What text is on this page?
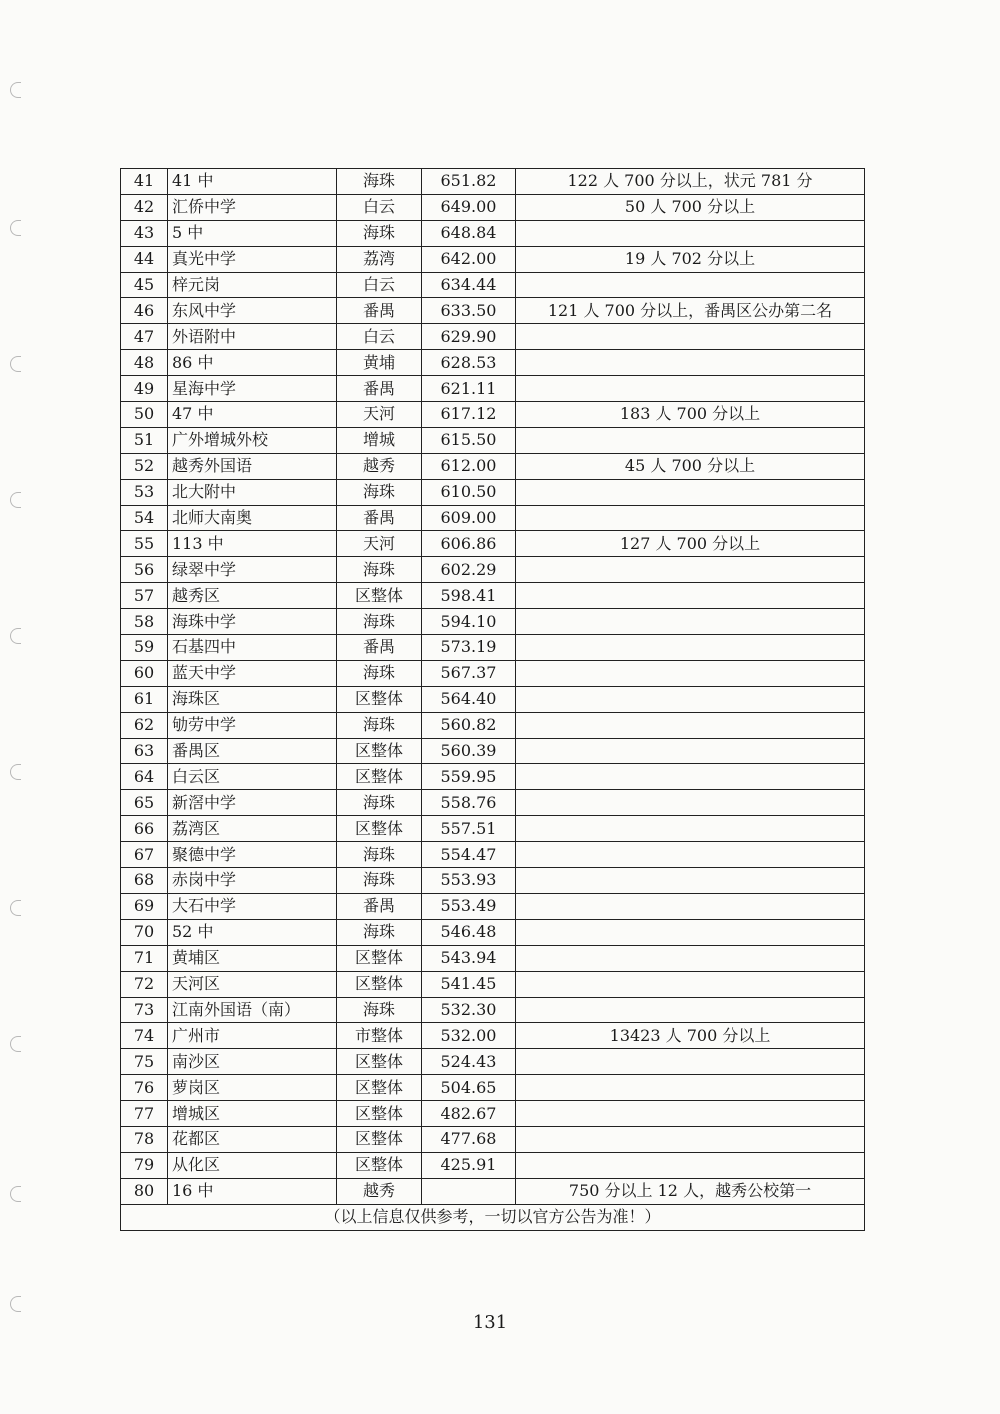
41	41 中	海珠	651.82	122 人 700 分以上，状元 781 分
42	汇侨中学	白云	649.00	50 人 700 分以上
43	5 中	海珠	648.84	
44	真光中学	荔湾	642.00	19 人 702 分以上
45	梓元岗	白云	634.44	
46	东风中学	番禺	633.50	121 人 700 分以上，番禺区公办第二名
47	外语附中	白云	629.90	
48	86 中	黄埔	628.53	
49	星海中学	番禺	621.11	
50	47 中	天河	617.12	183 人 700 分以上
51	广外增城外校	增城	615.50	
52	越秀外国语	越秀	612.00	45 人 700 分以上
53	北大附中	海珠	610.50	
54	北师大南奥	番禺	609.00	
55	113 中	天河	606.86	127 人 700 分以上
56	绿翠中学	海珠	602.29	
57	越秀区	区整体	598.41	
58	海珠中学	海珠	594.10	
59	石基四中	番禺	573.19	
60	蓝天中学	海珠	567.37	
61	海珠区	区整体	564.40	
62	劬劳中学	海珠	560.82	
63	番禺区	区整体	560.39	
64	白云区	区整体	559.95	
65	新滘中学	海珠	558.76	
66	荔湾区	区整体	557.51	
67	聚德中学	海珠	554.47	
68	赤岗中学	海珠	553.93	
69	大石中学	番禺	553.49	
70	52 中	海珠	546.48	
71	黄埔区	区整体	543.94	
72	天河区	区整体	541.45	
73	江南外国语（南）	海珠	532.30	
74	广州市	市整体	532.00	13423 人 700 分以上
75	南沙区	区整体	524.43	
76	萝岗区	区整体	504.65	
77	增城区	区整体	482.67	
78	花都区	区整体	477.68	
79	从化区	区整体	425.91	
80	16 中	越秀		750 分以上 12 人，越秀公校第一
（以上信息仅供参考，一切以官方公告为准！）				
131
